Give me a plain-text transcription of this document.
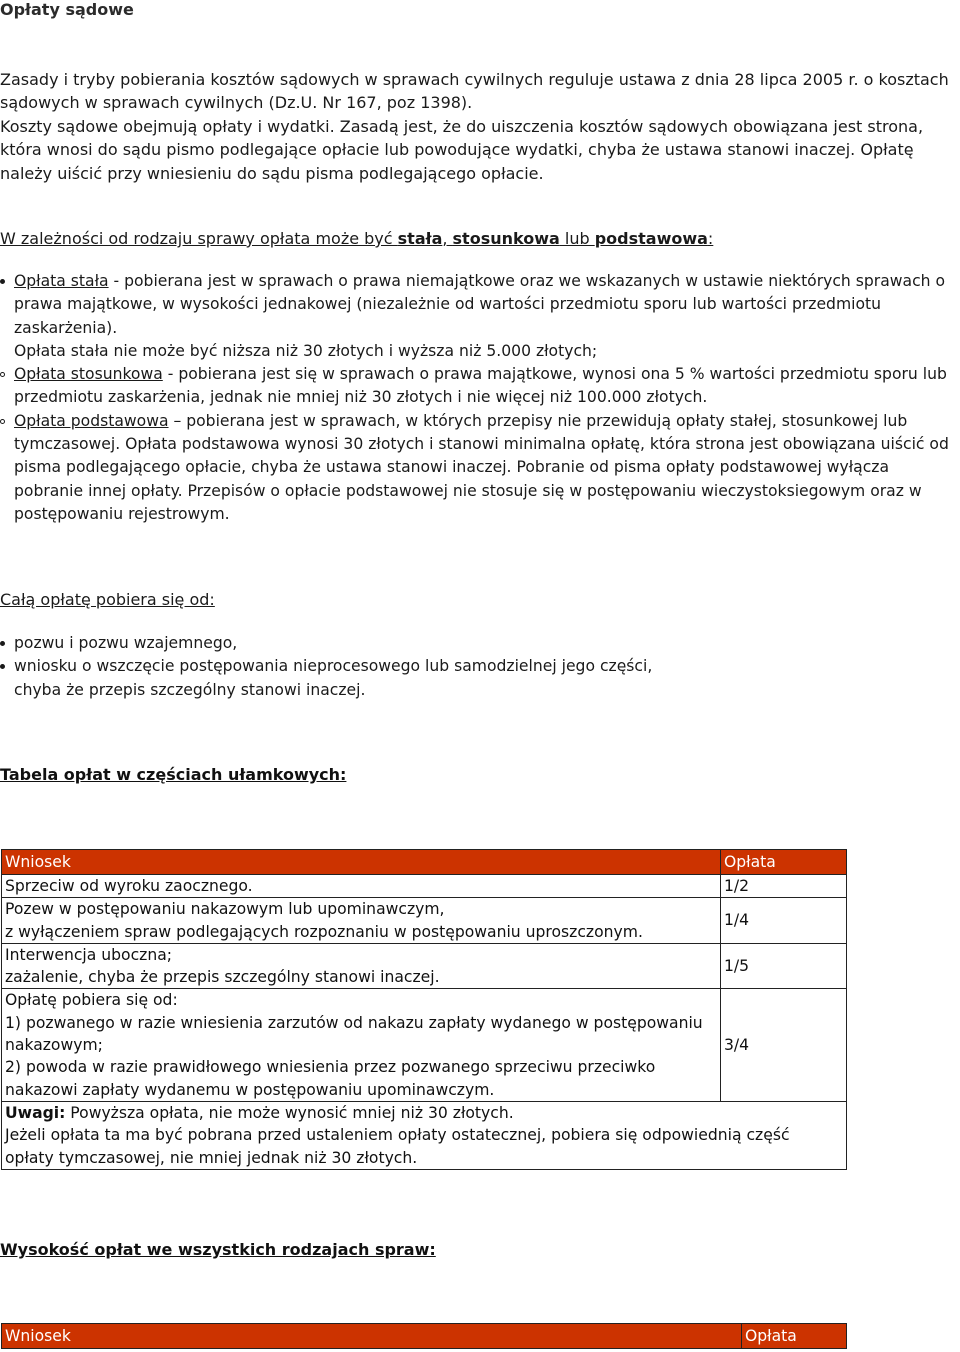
Opłaty sądowe

Zasady i tryby pobierania kosztów sądowych w sprawach cywilnych reguluje ustawa z dnia 28 lipca 2005 r. o kosztach sądowych w sprawach cywilnych (Dz.U. Nr 167, poz 1398).

Koszty sądowe obejmują opłaty i wydatki. Zasadą jest, że do uiszczenia kosztów sądowych obowiązana jest strona, która wnosi do sądu pismo podlegające opłacie lub powodujące wydatki, chyba że ustawa stanowi inaczej. Opłatę należy uiścić przy wniesieniu do sądu pisma podlegającego opłacie.

W zależności od rodzaju sprawy opłata może być stała, stosunkowa lub podstawowa:
Opłata stała - pobierana jest w sprawach o prawa niemajątkowe oraz we wskazanych w ustawie niektórych sprawach o prawa majątkowe, w wysokości jednakowej (niezależnie od wartości przedmiotu sporu lub wartości przedmiotu zaskarżenia).
Opłata stała nie może być niższa niż 30 złotych i wyższa niż 5.000 złotych;
Opłata stosunkowa - pobierana jest się w sprawach o prawa majątkowe, wynosi ona 5 % wartości przedmiotu sporu lub przedmiotu zaskarżenia, jednak nie mniej niż 30 złotych i nie więcej niż 100.000 złotych.
Opłata podstawowa – pobierana jest w sprawach, w których przepisy nie przewidują opłaty stałej, stosunkowej lub tymczasowej. Opłata podstawowa wynosi 30 złotych i stanowi minimalna opłatę, która strona jest obowiązana uiścić od pisma podlegającego opłacie, chyba że ustawa stanowi inaczej. Pobranie od pisma opłaty podstawowej wyłącza pobranie innej opłaty. Przepisów o opłacie podstawowej nie stosuje się w postępowaniu wieczystoksiegowym oraz w postępowaniu rejestrowym.
Całą opłatę pobiera się od:
pozwu i pozwu wzajemnego,
wniosku o wszczęcie postępowania nieprocesowego lub samodzielnej jego części,
chyba że przepis szczególny stanowi inaczej.
Tabela opłat w częściach ułamkowych:
Wniosek	Opłata
Sprzeciw od wyroku zaocznego.	1/2
Pozew w postępowaniu nakazowym lub upominawczym,
z wyłączeniem spraw podlegających rozpoznaniu w postępowaniu uproszczonym.	1/4
Interwencja uboczna;
zażalenie, chyba że przepis szczególny stanowi inaczej.	1/5
Opłatę pobiera się od:
1) pozwanego w razie wniesienia zarzutów od nakazu zapłaty wydanego w postępowaniu nakazowym;
2) powoda w razie prawidłowego wniesienia przez pozwanego sprzeciwu przeciwko nakazowi zapłaty wydanemu w postępowaniu upominawczym.	3/4
Uwagi: Powyższa opłata, nie może wynosić mniej niż 30 złotych.
Jeżeli opłata ta ma być pobrana przed ustaleniem opłaty ostatecznej, pobiera się odpowiednią część opłaty tymczasowej, nie mniej jednak niż 30 złotych.	
Wysokość opłat we wszystkich rodzajach spraw:
Wniosek	Opłata
